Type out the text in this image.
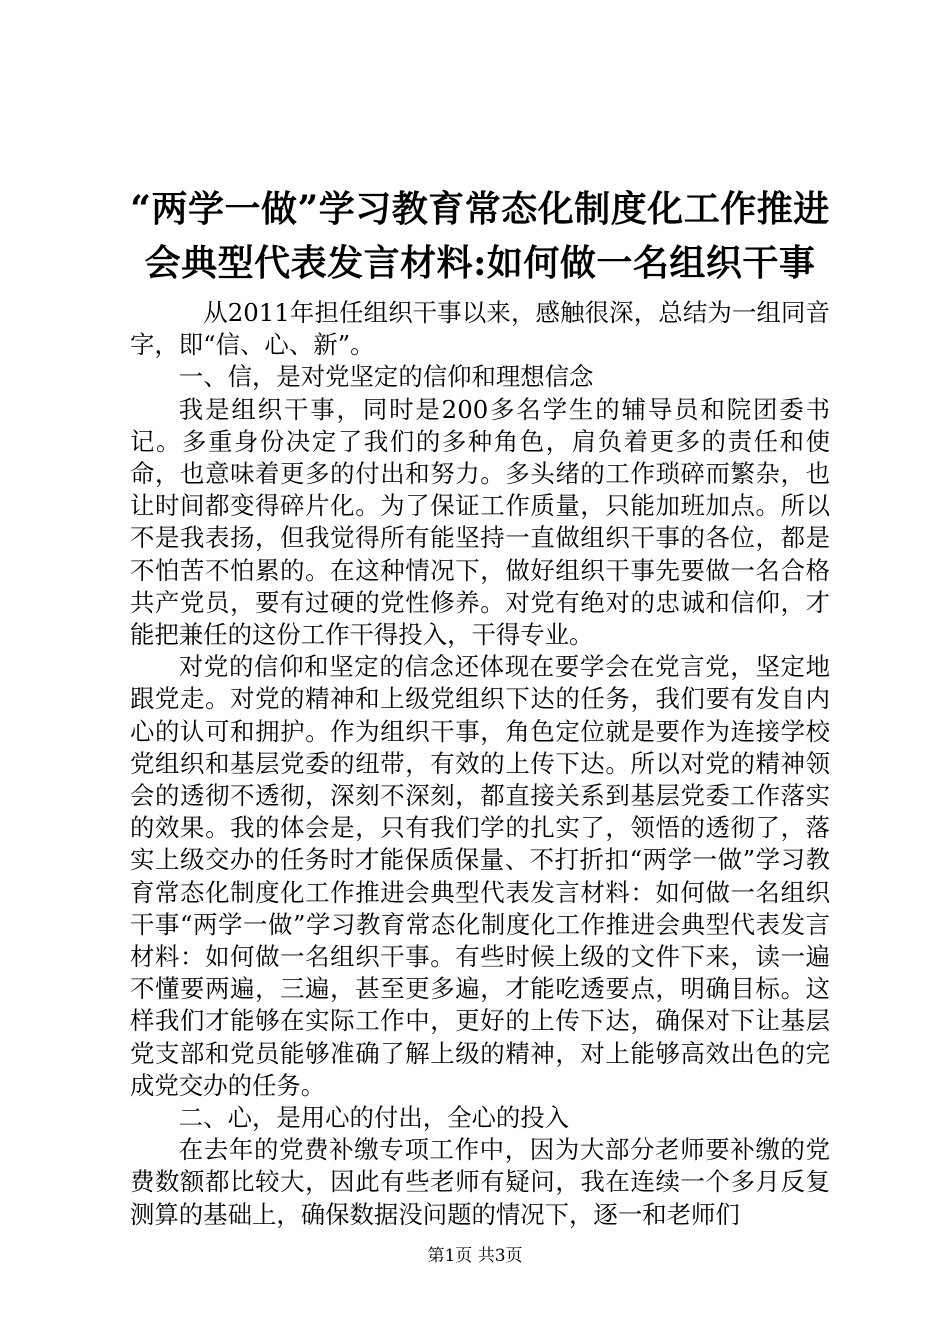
“两学一做”学习教育常态化制度化工作推进
会典型代表发言材料:如何做一名组织干事

从2011年担任组织干事以来，感触很深，总结为一组同音字，即“信、心、新”。

一、信，是对党坚定的信仰和理想信念

我是组织干事，同时是200多名学生的辅导员和院团委书记。多重身份决定了我们的多种角色，肩负着更多的责任和使命，也意味着更多的付出和努力。多头绪的工作琐碎而繁杂，也让时间都变得碎片化。为了保证工作质量，只能加班加点。所以不是我表扬，但我觉得所有能坚持一直做组织干事的各位，都是不怕苦不怕累的。在这种情况下，做好组织干事先要做一名合格共产党员，要有过硬的党性修养。对党有绝对的忠诚和信仰，才能把兼任的这份工作干得投入，干得专业。

对党的信仰和坚定的信念还体现在要学会在党言党，坚定地跟党走。对党的精神和上级党组织下达的任务，我们要有发自内心的认可和拥护。作为组织干事，角色定位就是要作为连接学校党组织和基层党委的纽带，有效的上传下达。所以对党的精神领会的透彻不透彻，深刻不深刻，都直接关系到基层党委工作落实的效果。我的体会是，只有我们学的扎实了，领悟的透彻了，落实上级交办的任务时才能保质保量、不打折扣“两学一做”学习教育常态化制度化工作推进会典型代表发言材料：如何做一名组织干事“两学一做”学习教育常态化制度化工作推进会典型代表发言材料：如何做一名组织干事。有些时候上级的文件下来，读一遍不懂要两遍，三遍，甚至更多遍，才能吃透要点，明确目标。这样我们才能够在实际工作中，更好的上传下达，确保对下让基层党支部和党员能够准确了解上级的精神，对上能够高效出色的完成党交办的任务。

二、心，是用心的付出，全心的投入

在去年的党费补缴专项工作中，因为大部分老师要补缴的党费数额都比较大，因此有些老师有疑问，我在连续一个多月反复测算的基础上，确保数据没问题的情况下，逐一和老师们

第1页 共3页
